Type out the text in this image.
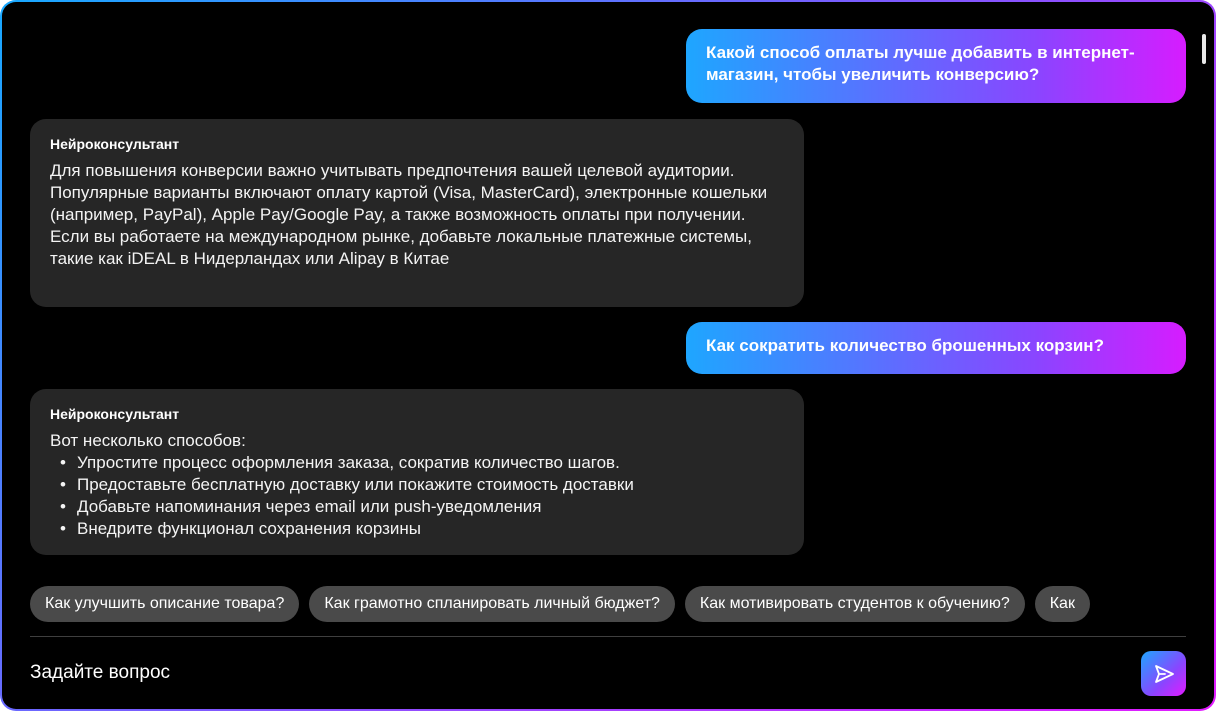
Какой способ оплаты лучше добавить в интернет-магазин, чтобы увеличить конверсию?
Нейроконсультант
Для повышения конверсии важно учитывать предпочтения вашей целевой аудитории. Популярные варианты включают оплату картой (Visa, MasterCard), электронные кошельки (например, PayPal), Apple Pay/Google Pay, а также возможность оплаты при получении. Если вы работаете на международном рынке, добавьте локальные платежные системы, такие как iDEAL в Нидерландах или Alipay в Китае
Как сократить количество брошенных корзин?
Нейроконсультант
Вот несколько способов:
• Упростите процесс оформления заказа, сократив количество шагов.
• Предоставьте бесплатную доставку или покажите стоимость доставки
• Добавьте напоминания через email или push-уведомления
• Внедрите функционал сохранения корзины
Как улучшить описание товара?	Как грамотно спланировать личный бюджет?	Как мотивировать студентов к обучению?	Как
Задайте вопрос
